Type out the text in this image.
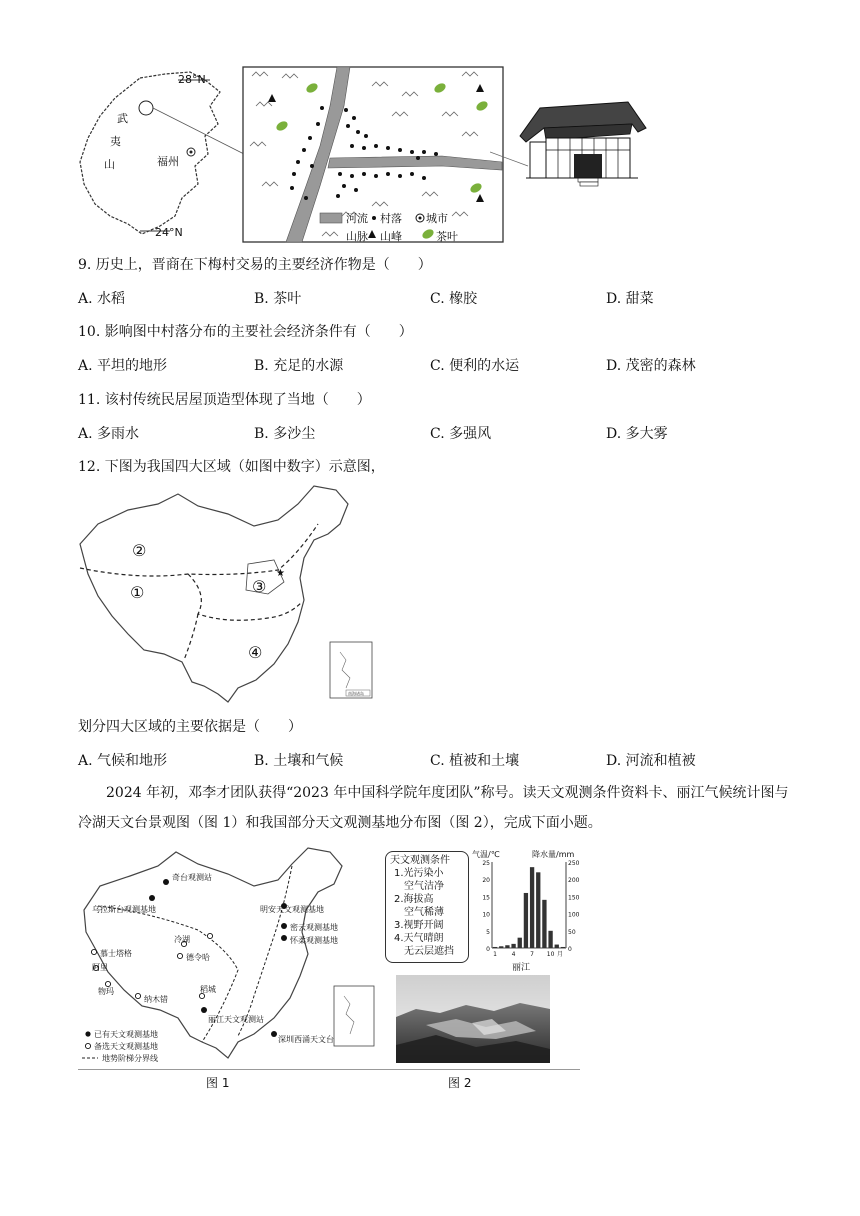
28°N
24°N
武
夷
山	福州
河流 村落 城市
山脉 山峰	茶叶
9. 历史上，晋商在下梅村交易的主要经济作物是（　　）
A. 水稻	B. 茶叶	C. 橡胶	D. 甜菜
10. 影响图中村落分布的主要社会经济条件有（　　）
A. 平坦的地形	B. 充足的水源	C. 便利的水运	D. 茂密的森林
11. 该村传统民居屋顶造型体现了当地（　　）
A. 多雨水	B. 多沙尘	C. 多强风	D. 多大雾
12. 下图为我国四大区域（如图中数字）示意图，
★
南海诸岛
②
①	③
④
划分四大区域的主要依据是（　　）
A. 气候和地形	B. 土壤和气候	C. 植被和土壤	D. 河流和植被
2024 年初，邓李才团队获得“2023 年中国科学院年度团队”称号。读天文观测条件资料卡、丽江气候统计图与冷湖天文台景观图（图 1）和我国部分天文观测基地分布图（图 2），完成下面小题。
奇台观测站
乌拉斯台观测基地	明安天文观测基地
密云观测基地
怀柔观测基地
慕士塔格
阿里
物玛
冷湖
德令哈
纳木错
稻城
丽江天文观测站
深圳西涌天文台
已有天文观测基地
备选天文观测基地
地势阶梯分界线
图 1
天文观测条件
1.光污染小
空气洁净
2.海拔高
空气稀薄
3.视野开阔
4.天气晴朗
无云层遮挡
气温/℃	降水量/mm
0
5
10
15
20
25
0
50
100
150
200
250
1 4 7 10 月
丽江
图 2
